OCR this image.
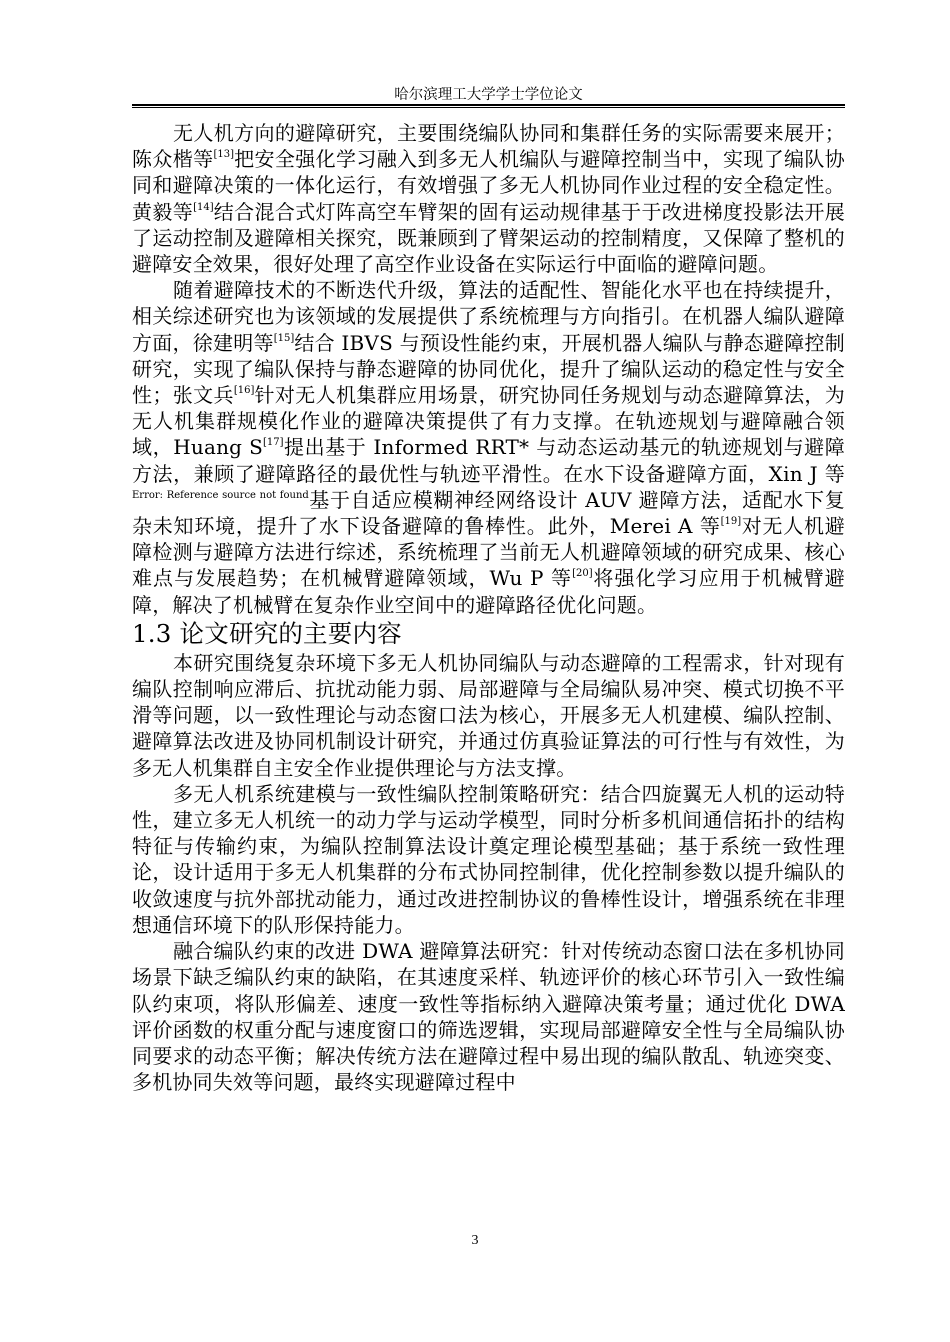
哈尔滨理工大学学士学位论文

无人机方向的避障研究，主要围绕编队协同和集群任务的实际需要来展开；陈众楷等[13]把安全强化学习融入到多无人机编队与避障控制当中，实现了编队协同和避障决策的一体化运行，有效增强了多无人机协同作业过程的安全稳定性。黄毅等[14]结合混合式灯阵高空车臂架的固有运动规律基于于改进梯度投影法开展了运动控制及避障相关探究，既兼顾到了臂架运动的控制精度，又保障了整机的避障安全效果，很好处理了高空作业设备在实际运行中面临的避障问题。

随着避障技术的不断迭代升级，算法的适配性、智能化水平也在持续提升，相关综述研究也为该领域的发展提供了系统梳理与方向指引。在机器人编队避障方面，徐建明等[15]结合 IBVS 与预设性能约束，开展机器人编队与静态避障控制研究，实现了编队保持与静态避障的协同优化，提升了编队运动的稳定性与安全性；张文兵[16]针对无人机集群应用场景，研究协同任务规划与动态避障算法，为无人机集群规模化作业的避障决策提供了有力支撑。在轨迹规划与避障融合领域，Huang S[17]提出基于 Informed RRT* 与动态运动基元的轨迹规划与避障方法，兼顾了避障路径的最优性与轨迹平滑性。在水下设备避障方面，Xin J 等$^{Error: Reference source not found}$基于自适应模糊神经网络设计 AUV 避障方法，适配水下复杂未知环境，提升了水下设备避障的鲁棒性。此外，Merei A 等[19]对无人机避障检测与避障方法进行综述，系统梳理了当前无人机避障领域的研究成果、核心难点与发展趋势；在机械臂避障领域，Wu P 等[20]将强化学习应用于机械臂避障，解决了机械臂在复杂作业空间中的避障路径优化问题。

1.3 论文研究的主要内容

本研究围绕复杂环境下多无人机协同编队与动态避障的工程需求，针对现有编队控制响应滞后、抗扰动能力弱、局部避障与全局编队易冲突、模式切换不平滑等问题，以一致性理论与动态窗口法为核心，开展多无人机建模、编队控制、避障算法改进及协同机制设计研究，并通过仿真验证算法的可行性与有效性，为多无人机集群自主安全作业提供理论与方法支撑。

多无人机系统建模与一致性编队控制策略研究：结合四旋翼无人机的运动特性，建立多无人机统一的动力学与运动学模型，同时分析多机间通信拓扑的结构特征与传输约束，为编队控制算法设计奠定理论模型基础；基于系统一致性理论，设计适用于多无人机集群的分布式协同控制律，优化控制参数以提升编队的收敛速度与抗外部扰动能力，通过改进控制协议的鲁棒性设计，增强系统在非理想通信环境下的队形保持能力。

融合编队约束的改进 DWA 避障算法研究：针对传统动态窗口法在多机协同场景下缺乏编队约束的缺陷，在其速度采样、轨迹评价的核心环节引入一致性编队约束项，将队形偏差、速度一致性等指标纳入避障决策考量；通过优化 DWA 评价函数的权重分配与速度窗口的筛选逻辑，实现局部避障安全性与全局编队协同要求的动态平衡；解决传统方法在避障过程中易出现的编队散乱、轨迹突变、多机协同失效等问题，最终实现避障过程中

3
